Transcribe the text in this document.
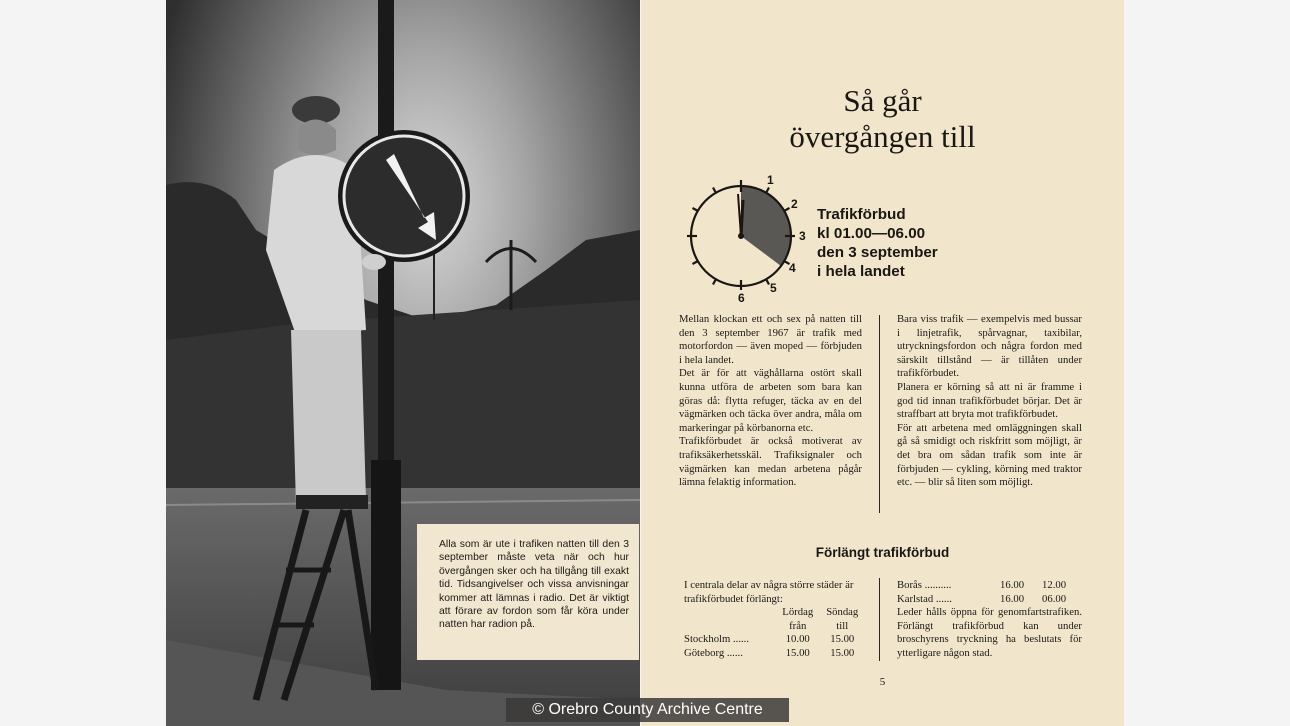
Alla som är ute i trafiken natten till den 3 september måste veta när och hur övergången sker och ha tillgång till exakt tid. Tidsangivelser och vissa anvisningar kommer att lämnas i radio. Det är viktigt att förare av fordon som får köra under natten har radion på.
Så går
övergången till
1
2
3
4
5
6
Trafikförbud
kl 01.00—06.00
den 3 september
i hela landet

Mellan klockan ett och sex på natten till den 3 september 1967 är trafik med motorfordon — även moped — förbjuden i hela landet.

Det är för att väghållarna ostört skall kunna utföra de arbeten som bara kan göras då: flytta refuger, täcka av en del vägmärken och täcka över andra, måla om markeringar på körbanorna etc.

Trafikförbudet är också motiverat av trafiksäkerhetsskäl. Trafiksignaler och vägmärken kan medan arbetena pågår lämna felaktig information.

Bara viss trafik — exempelvis med bussar i linjetrafik, spårvagnar, taxibilar, utryckningsfordon och några fordon med särskilt tillstånd — är tillåten under trafikförbudet.

Planera er körning så att ni är framme i god tid innan trafikförbudet börjar. Det är straffbart att bryta mot trafikförbudet.

För att arbetena med omläggningen skall gå så smidigt och riskfritt som möjligt, är det bra om sådan trafik som inte är förbjuden — cykling, körning med traktor etc. — blir så liten som möjligt.

Förlängt trafikförbud

I centrala delar av några större städer är trafikförbudet förlängt:

Lördag	Söndag
från	till
Stockholm ......	10.00	15.00
Göteborg ......	15.00	15.00
Borås ..........	16.00	12.00
Karlstad ......	16.00	06.00

Leder hålls öppna för genomfartstrafiken. Förlängt trafikförbud kan under broschyrens tryckning ha beslutats för ytterligare någon stad.

5
© Orebro County Archive Centre
